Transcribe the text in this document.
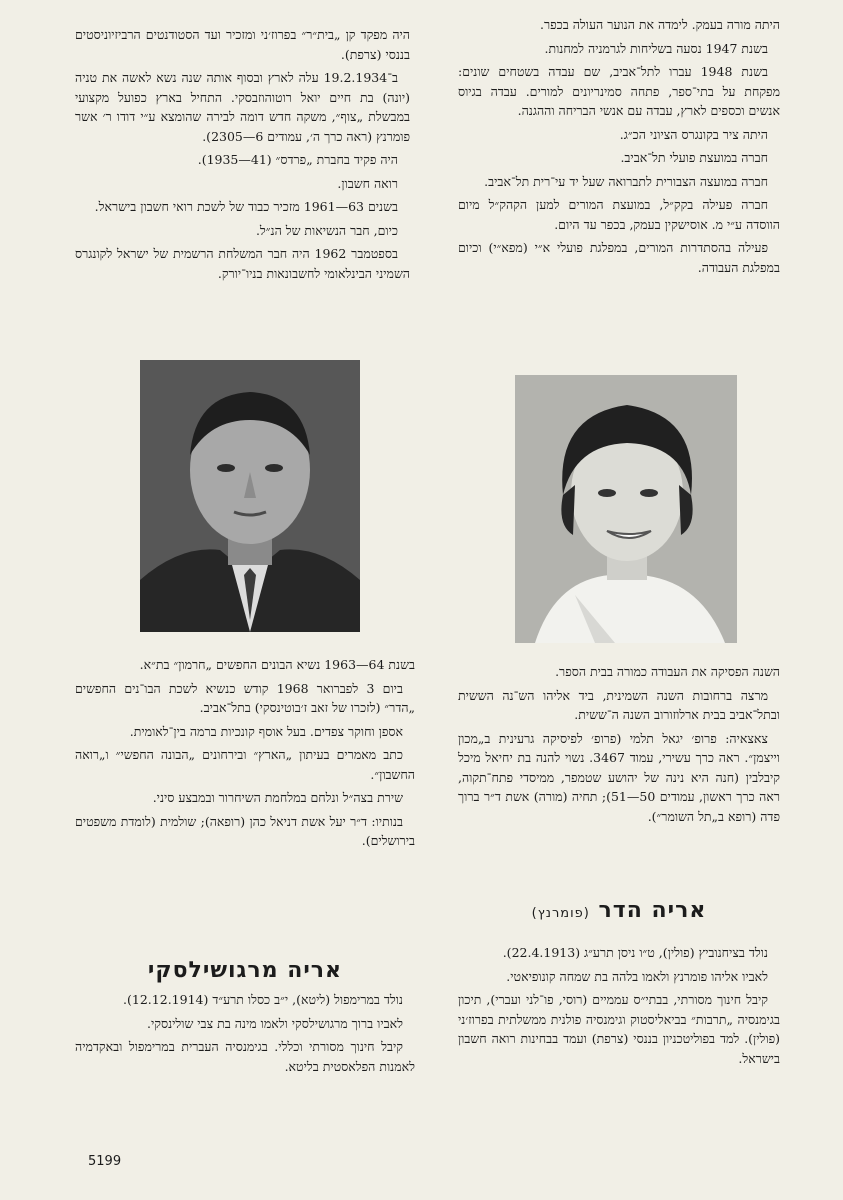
היתה מורה בעמק. לימדה את הנוער העולה בכפר.

בשנת 1947 נסעה בשליחות לגרמניה למחנות.

בשנת 1948 עברו לתל־אביב, שם עבדה בשטחים שונים: מפקחת על בתי־ספר, פתחה סמינריונים למורים. עבדה בגיוס אנשים וכספים לארץ, עבדה עם אנשי הבריחה וההגנה.

היתה ציר בקונגרס הציוני הכ״ג.

חברה במועצת פועלי תל־אביב.

חברה במועצה הצבורית לתברואה שעל יד עי־רית תל־אביב.

חברה פעילה בקק״ל, במועצת המורים למען הקהק״ל מיום הווסדה ע״י מ. אוסישקין בעמק, בכפר עד היום.

פעילה בהסתדרות המורים, במפלגת פועלי א״י (מפא״י) וכיום במפלגת העבודה.

היה מפקד קן „בית״ר״ בפרוז׳ני ומזכיר ועד הסטודנטים הרביזיוניסטים בננסי (צרפת).

ב־19.2.1934 עלה לארץ ובסוף אותה שנה נשא לאשה את טניה (יונה) בת חיים יואל רוטוהוזבסקי. התחיל בארץ כפועל מקצועי במבשלת „צוף״, משקה חדש דומה לבירה שהומצא ע״י דודו ר׳ אשר פומרנץ (ראה כרך ה׳, עמודים 6—2305).

היה פקיד בחברת „פרדס״ (41—1935).

רואה חשבון.

בשנים 63—1961 מזכיר כבוד של לשכת רואי חשבון בישראל.

כיום, חבר הנשיאות של הנ״ל.

בספטמבר 1962 היה חבר המשלחת הרשמית של ישראל לקונגרס השמיני הבינלאומי לחשבונאות בניו־יורק.

בשנת 64—1963 נשיא הבונים החפשים „חרמון״ בת״א.

ביום 3 לפברואר 1968 קודש כנשיא לשכת הבו־נים החפשים „הדר״ (לזכרו של זאב ז׳בוטינסקי) בתל־אביב.

אספן וחוקר צפדים. בעל אוסף קונכיות ברמה בין־לאומית.

כתב מאמרים בעיתון „הארץ״ ובירחונים „הבונה החפשי״ ו„רואה החשבון״.

שירת בצה״ל ונלחם במלחמת השיחרור ובמבצע סיני.

בנותיו: ד״ר יעל אשת דניאל כהן (רופאה); שולמית (לומדת משפטים בירושלים).

השנה הפסיקה את העבודה כמורה בבית הספר.

מרצה ברחובות השנה השמינית, ביד אליהו הש־נה הששית ובתל־אביב בבית ארלוזורוב השנה ה־ששית.

צאצאיה: פרופ׳ יגאל תלמי (פרופ׳ לפיסיקה גרעינית ב„מכון וייצמן״. ראה כרך עשירי, עמוד 3467. נשוי להנה בת יחיאל מיכל קיבלבין (חנה היא נינה של יהושע שטמפר, ממיסדי פתח־תקוה, ראה כרך ראשון, עמודים 50—51); תחיה (מורה) אשת ד״ר ברוך פדה (רופא ב„תל השומר״).

אריה הדר (פומרנץ)

נולד בציחנוביץ (פולין), ט״ו ניסן תרע״ג (22.4.1913).

לאביו אליהו פומרנץ ולאמו בלהה בת שמחה קונופיאטי.

קיבל חינוך מסורתי, בבתי״ס עממיים (רוסי, פו־לני ועברי), תיכון בגימנסיה „תרבות״ בביאליסטוק וגימנסיה פולנית ממשלתית בפרוז׳ני (פולין). למד בפוליטכניון בננסי (צרפת) ועמד בבחינות רואה חשבון בישראל.

אריה מרגושילסקי

נולד במרימפול (ליטא), י״ב כסלו תרע״ד (12.12.1914).

לאביו ברוך מרגושילסקי ולאמו מינה בת צבי שולינסקי.

קיבל חינוך מסורתי וכללי. בגימנסיה העברית במרימפול ובאקדמיה לאמנות הפלאסטית בליטא.

5199
